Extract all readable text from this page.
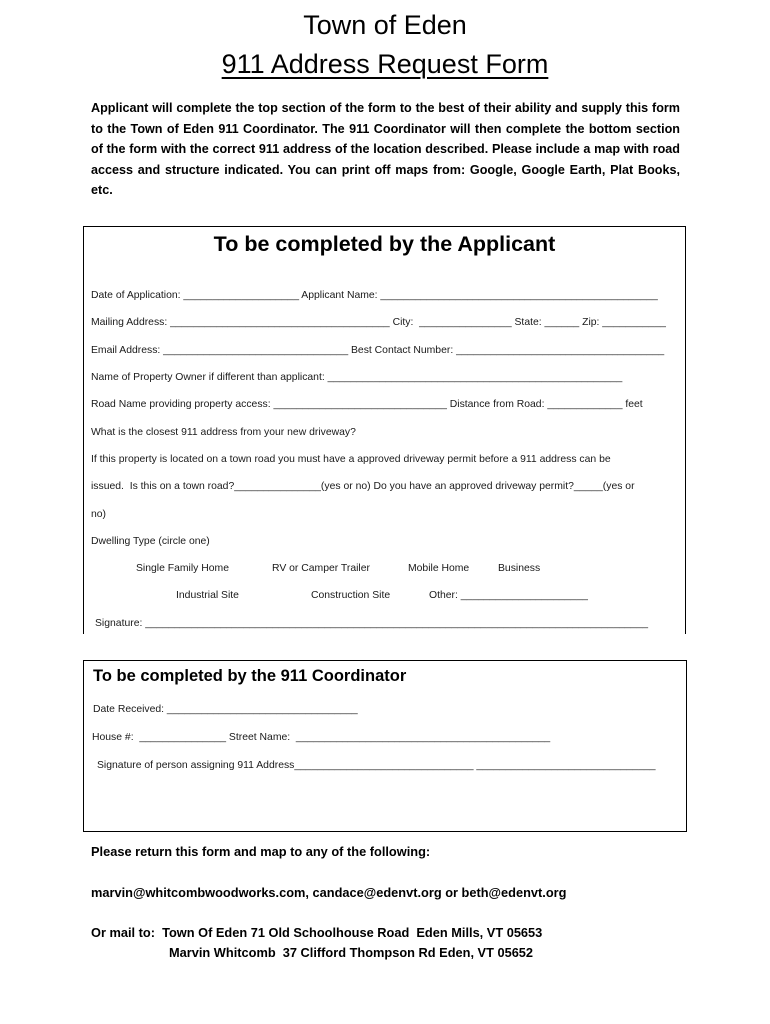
Town of Eden
911 Address Request Form
Applicant will complete the top section of the form to the best of their ability and supply this form to the Town of Eden 911 Coordinator. The 911 Coordinator will then complete the bottom section of the form with the correct 911 address of the location described. Please include a map with road access and structure indicated. You can print off maps from: Google, Google Earth, Plat Books, etc.
To be completed by the Applicant
Date of Application: ____________________ Applicant Name: ________________________________________________
Mailing Address: ______________________________________ City:  ________________ State: ______ Zip: ___________
Email Address: ________________________________ Best Contact Number: ____________________________________
Name of Property Owner if different than applicant: ___________________________________________________
Road Name providing property access: ______________________________ Distance from Road: _____________ feet
What is the closest 911 address from your new driveway?
If this property is located on a town road you must have a approved driveway permit before a 911 address can be
issued.  Is this on a town road?_______________(yes or no) Do you have an approved driveway permit?_____(yes or
no)
Dwelling Type (circle one)
Single Family Home	RV or Camper Trailer	Mobile Home	Business
Industrial Site	Construction Site	Other: ______________________
Signature: _______________________________________________________________________________________
To be completed by the 911 Coordinator
Date Received: _________________________________
House #:  _______________ Street Name:  ____________________________________________
Signature of person assigning 911 Address_______________________________ _______________________________
Please return this form and map to any of the following:
marvin@whitcombwoodworks.com, candace@edenvt.org or beth@edenvt.org
Or mail to:  Town Of Eden 71 Old Schoolhouse Road  Eden Mills, VT 05653
Marvin Whitcomb  37 Clifford Thompson Rd Eden, VT 05652
